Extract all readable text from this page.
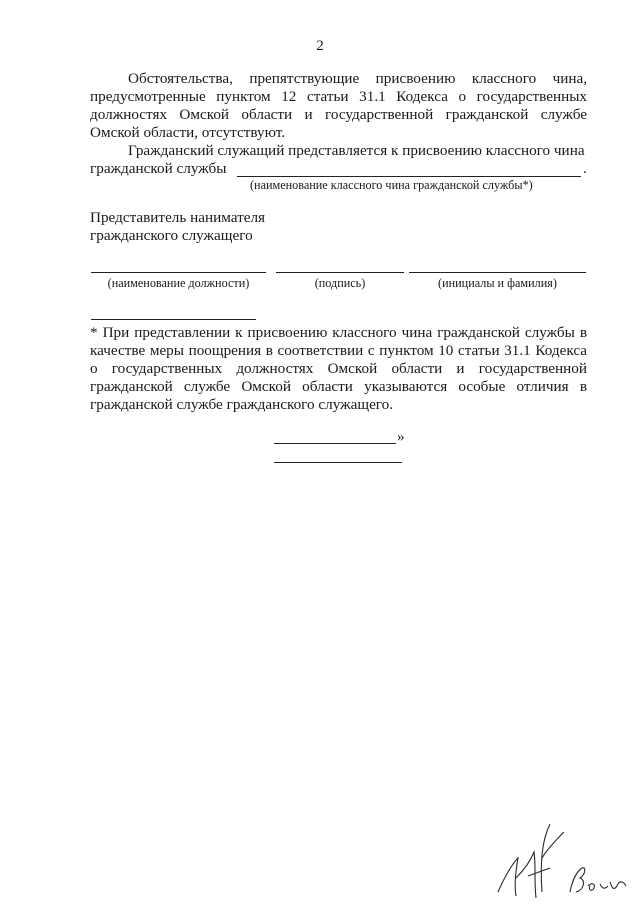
2
Обстоятельства, препятствующие присвоению классного чина, предусмотренные пунктом 12 статьи 31.1 Кодекса о государственных должностях Омской области и государственной гражданской службе Омской области, отсутствуют.
Гражданский служащий представляется к присвоению классного чина
гражданской службы	.
(наименование классного чина гражданской службы*)
Представитель нанимателя
гражданского служащего
(наименование должности)	(подпись)	(инициалы и фамилия)
* При представлении к присвоению классного чина гражданской службы в качестве меры поощрения в соответствии с пунктом 10 статьи 31.1 Кодекса о государственных должностях Омской области и государственной гражданской службе Омской области указываются особые отличия в гражданской службе гражданского служащего.
»
